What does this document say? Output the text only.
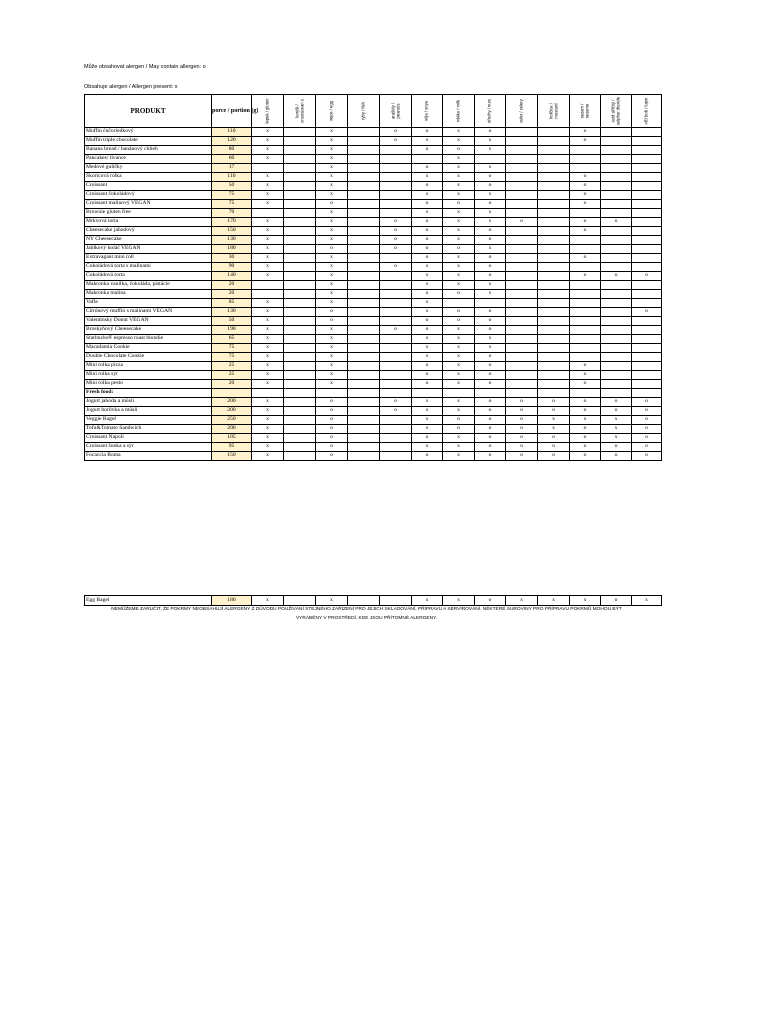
Může obsahovat alergen / May contain allergen: o
Obsahuje alergen / Allergen present: x
PRODUKT	porce / portion (g)	lepek / gluten	korýši / crustacean s	vejce / egg	ryby / fish	arašídy / peanuts	sója / soya	mléko / milk	ořechy / nuts	celer / celery	hořčice / mustard	sezam / sesame	oxid siřičitý / sulphur dioxide	vlčí bob / lupin

Muffin čučoriedkový	110	x		x		o	o	x	o			o		
Muffin triple chocolate	120	x		x		o	x	x	x			o		
Banana bread / banánový chlieb	80	x		x			o	o	x					
Pancakes/ lívance	60	x		x				x						
Medové guličky	17			x			o	x	x					
Škoricová rolka	110	x		x			x	x	o			o		
Croissant	50	x		x			o	x	o			o		
Croissant čokoládový	75	x		x			x	x	x			o		
Croissant malinový VEGAN	75	x		o			o	o	o			o		
Brownie gluten free	70			x			x	x	x					
Mrkvová torta	170	x		x		o	o	x	x	o		o	o	
Cheesecake jahodový	150	x		x		o	o	x	o			o		
NY Cheesecake	130	x		x		o	o	x	o					
Jablkový koláč VEGAN	180	x		o		o	o	o	x					
Extravagant mini roll	30	x		x			o	x	o			o		
Čokoládová torta s malinami	90	x		x		o	x	x	o					
Čokoládová torta	140	x		x			x	x	o			o	o	o
Makronka vanilka, čokoláda, pistácie	20			x			x	x	x					
Makronka malina	20			x			o	o	x					
Vafle	85	x		x			x							
Citrónový muffin s malinami VEGAN	130	x		o			x	o	o					o
Valentínsky Donut VEGAN	50	x		o			o	o	o					
Broskyňový Cheesecake	190	x		x		o	o	x	o					
Starbucks® espresso roast blondie	65	x		x			x	x	x					
Macadamia Cookie	75	x		x			x	x	x					
Double Chocolate Cookie	75	x		x			x	x	o					
Mini rolka pizza	25	x		x			o	x	o			o		
Mini rolka sýr	25	x		x			o	x	o			o		
Mini rolka pesto	20	x		x			o	x	o			o		
Fresh food:														
Jogurt jahoda a müsli	200	x		o		o	x	x	o	o	o	o	o	o
Jogurt borůvka a müsli	200	x		o		o	x	x	o	o	o	o	o	o
Veggie Bagel	250	x		o			x	o	o	o	x	x	x	o
Tofu&Tomato Sandwich	200	x		o			x	o	o	o	x	o	x	o
Croissant Napoli	105	x		o			o	x	o	o	o	o	x	o
Croissant šunka a sýr	95	x		o			x	x	o	o	o	o	o	o
Focaccia Roma	150	x		o			o	x	o	o	o	o	o	o
Egg Bagel	180	x		x			x	x	o	x	x	x	o	x
NEMŮŽEME ZARUČIT, ŽE POKRMY NEOBSAHUJÍ ALERGENY Z DŮVODU POUŽÍVÁNÍ STEJNÉHO ZAŘÍZENÍ PRO JEJICH SKLADOVÁNÍ, PŘÍPRAVU A SERVÍROVÁNÍ. NĚKTERÉ SUROVINY PRO PŘÍPRAVU POKRMŮ MOHOU BÝT
VYRÁBĚNY V PROSTŘEDÍ, KDE JSOU PŘÍTOMNÉ ALERGENY.
